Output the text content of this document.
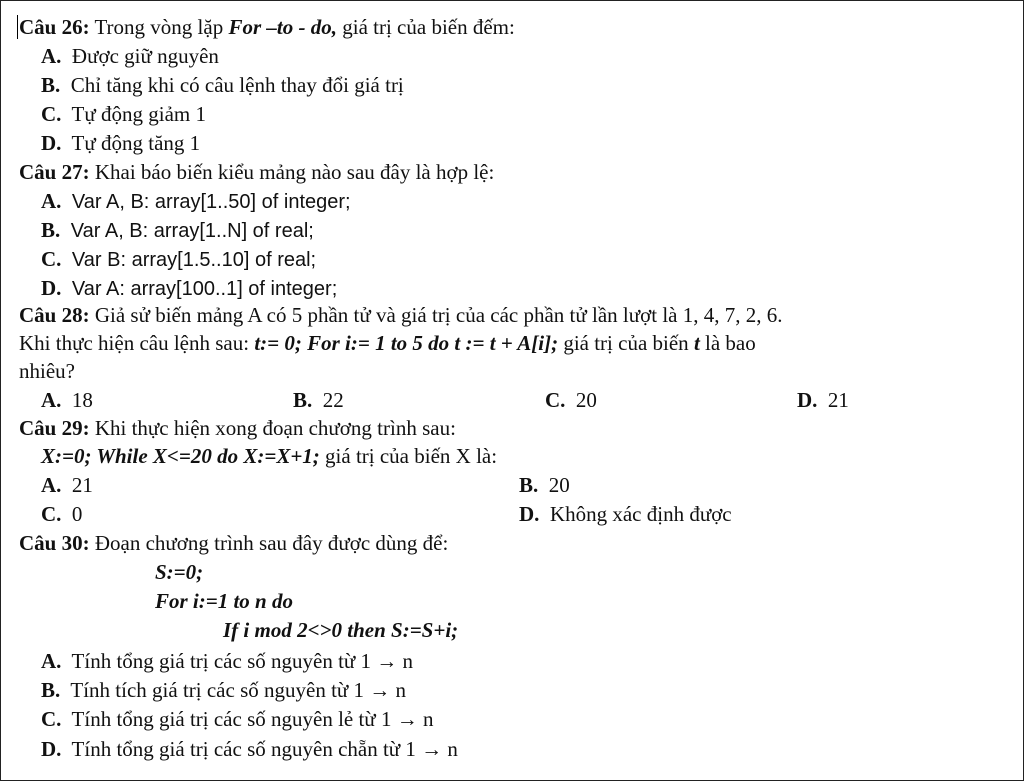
Câu 26: Trong vòng lặp For –to - do, giá trị của biến đếm:
A. Được giữ nguyên
B. Chỉ tăng khi có câu lệnh thay đổi giá trị
C. Tự động giảm 1
D. Tự động tăng 1
Câu 27: Khai báo biến kiểu mảng nào sau đây là hợp lệ:
A. Var A, B: array[1..50] of integer;
B. Var A, B: array[1..N] of real;
C. Var B: array[1.5..10] of real;
D. Var A: array[100..1] of integer;
Câu 28: Giả sử biến mảng A có 5 phần tử và giá trị của các phần tử lần lượt là 1, 4, 7, 2, 6.
Khi thực hiện câu lệnh sau: t:= 0; For i:= 1 to 5 do t := t + A[i]; giá trị của biến t là bao
nhiêu?
A. 18	B. 22	C. 20	D. 21
Câu 29: Khi thực hiện xong đoạn chương trình sau:
X:=0; While X<=20 do X:=X+1; giá trị của biến X là:
A. 21	B. 20
C. 0	D. Không xác định được
Câu 30: Đoạn chương trình sau đây được dùng để:
S:=0;
For i:=1 to n do
If i mod 2<>0 then S:=S+i;
A. Tính tổng giá trị các số nguyên từ 1 → n
B. Tính tích giá trị các số nguyên từ 1 → n
C. Tính tổng giá trị các số nguyên lẻ từ 1 → n
D. Tính tổng giá trị các số nguyên chẵn từ 1 → n
